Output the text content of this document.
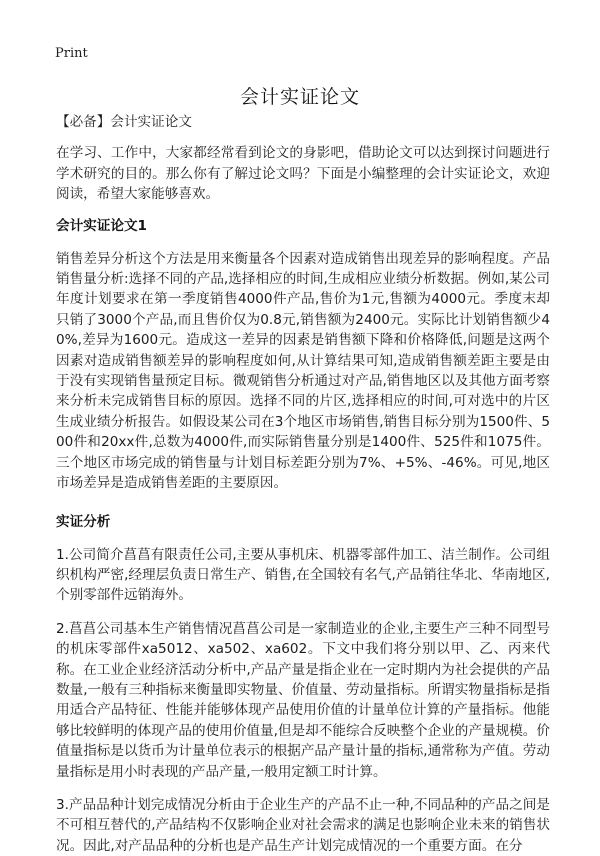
Print
会计实证论文

【必备】会计实证论文

在学习、工作中，大家都经常看到论文的身影吧，借助论文可以达到探讨问题进行学术研究的目的。那么你有了解过论文吗？下面是小编整理的会计实证论文，欢迎阅读，希望大家能够喜欢。

会计实证论文1

销售差异分析这个方法是用来衡量各个因素对造成销售出现差异的影响程度。产品销售量分析:选择不同的产品,选择相应的时间,生成相应业绩分析数据。例如,某公司年度计划要求在第一季度销售4000件产品,售价为1元,售额为4000元。季度末却只销了3000个产品,而且售价仅为0.8元,销售额为2400元。实际比计划销售额少40%,差异为1600元。造成这一差异的因素是销售额下降和价格降低,问题是这两个因素对造成销售额差异的影响程度如何,从计算结果可知,造成销售额差距主要是由于没有实现销售量预定目标。微观销售分析通过对产品,销售地区以及其他方面考察来分析未完成销售目标的原因。选择不同的片区,选择相应的时间,可对选中的片区生成业绩分析报告。如假设某公司在3个地区市场销售,销售目标分别为1500件、500件和20xx件,总数为4000件,而实际销售量分别是1400件、525件和1075件。三个地区市场完成的销售量与计划目标差距分别为7%、+5%、-46%。可见,地区市场差异是造成销售差距的主要原因。

实证分析

1.公司简介菖菖有限责任公司,主要从事机床、机器零部件加工、洁兰制作。公司组织机构严密,经理层负责日常生产、销售,在全国较有名气,产品销往华北、华南地区,个别零部件远销海外。

2.菖菖公司基本生产销售情况菖菖公司是一家制造业的企业,主要生产三种不同型号的机床零部件xa5012、xa502、xa602。下文中我们将分别以甲、乙、丙来代称。在工业企业经济活动分析中,产品产量是指企业在一定时期内为社会提供的产品数量,一般有三种指标来衡量即实物量、价值量、劳动量指标。所谓实物量指标是指用适合产品特征、性能并能够体现产品使用价值的计量单位计算的产量指标。他能够比较鲜明的体现产品的使用价值量,但是却不能综合反映整个企业的产量规模。价值量指标是以货币为计量单位表示的根据产品产量计量的指标,通常称为产值。劳动量指标是用小时表现的产品产量,一般用定额工时计算。

3.产品品种计划完成情况分析由于企业生产的产品不止一种,不同品种的产品之间是不可相互替代的,产品结构不仅影响企业对社会需求的满足也影响企业未来的销售状况。因此,对产品品种的分析也是产品生产计划完成情况的一个重要方面。在分
